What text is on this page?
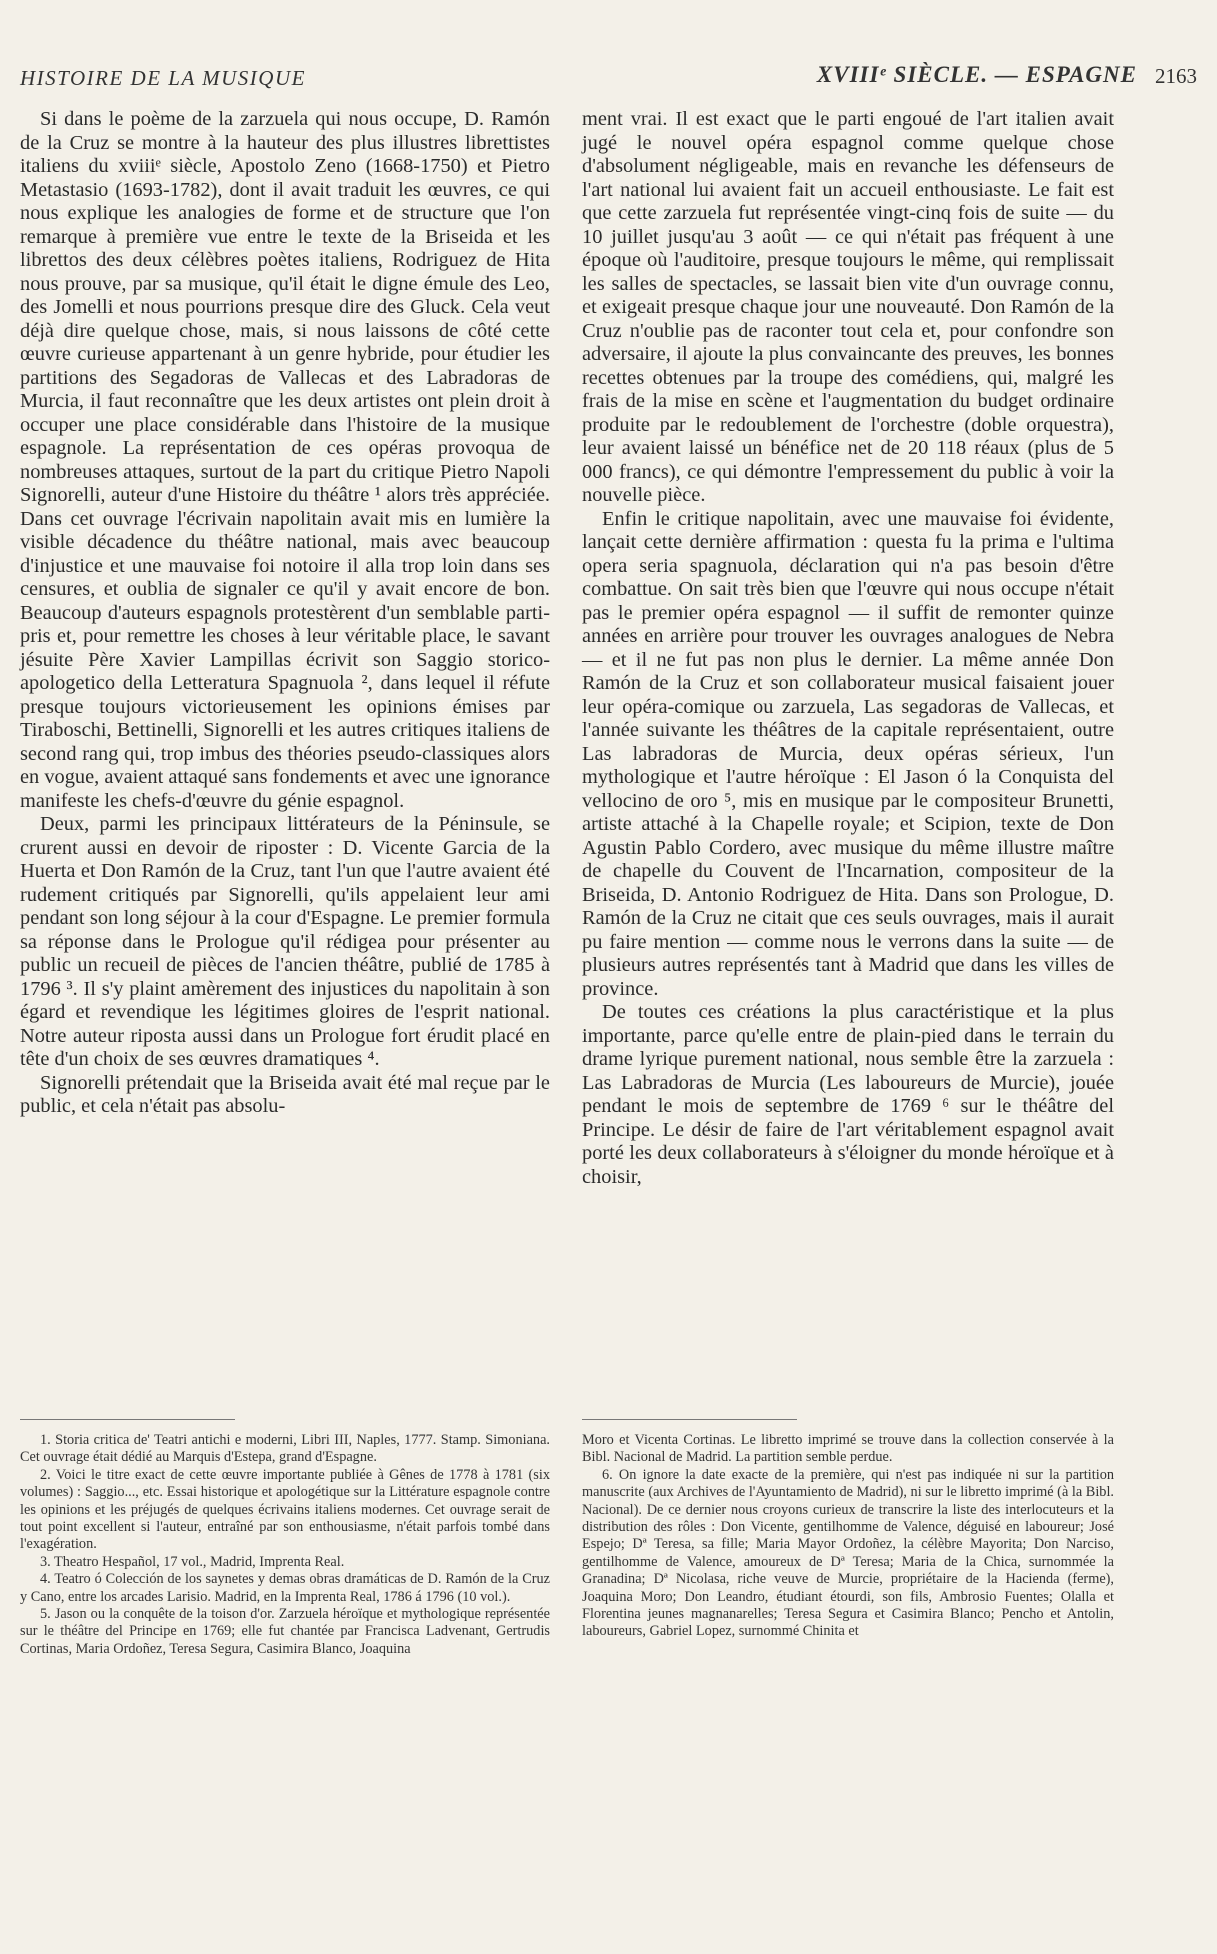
HISTOIRE DE LA MUSIQUE	XVIIIᵉ SIÈCLE. — ESPAGNE 2163

Si dans le poème de la zarzuela qui nous occupe, D. Ramón de la Cruz se montre à la hauteur des plus illustres librettistes italiens du xviiiᵉ siècle, Apostolo Zeno (1668-1750) et Pietro Metastasio (1693-1782), dont il avait traduit les œuvres, ce qui nous explique les analogies de forme et de structure que l'on remarque à première vue entre le texte de la Briseida et les librettos des deux célèbres poètes italiens, Rodriguez de Hita nous prouve, par sa musique, qu'il était le digne émule des Leo, des Jomelli et nous pourrions presque dire des Gluck. Cela veut déjà dire quelque chose, mais, si nous laissons de côté cette œuvre curieuse appartenant à un genre hybride, pour étudier les partitions des Segadoras de Vallecas et des Labradoras de Murcia, il faut reconnaître que les deux artistes ont plein droit à occuper une place considérable dans l'histoire de la musique espagnole. La représentation de ces opéras provoqua de nombreuses attaques, surtout de la part du critique Pietro Napoli Signorelli, auteur d'une Histoire du théâtre ¹ alors très appréciée. Dans cet ouvrage l'écrivain napolitain avait mis en lumière la visible décadence du théâtre national, mais avec beaucoup d'injustice et une mauvaise foi notoire il alla trop loin dans ses censures, et oublia de signaler ce qu'il y avait encore de bon. Beaucoup d'auteurs espagnols protestèrent d'un semblable parti-pris et, pour remettre les choses à leur véritable place, le savant jésuite Père Xavier Lampillas écrivit son Saggio storico-apologetico della Letteratura Spagnuola ², dans lequel il réfute presque toujours victorieusement les opinions émises par Tiraboschi, Bettinelli, Signorelli et les autres critiques italiens de second rang qui, trop imbus des théories pseudo-classiques alors en vogue, avaient attaqué sans fondements et avec une ignorance manifeste les chefs-d'œuvre du génie espagnol.

Deux, parmi les principaux littérateurs de la Péninsule, se crurent aussi en devoir de riposter : D. Vicente Garcia de la Huerta et Don Ramón de la Cruz, tant l'un que l'autre avaient été rudement critiqués par Signorelli, qu'ils appelaient leur ami pendant son long séjour à la cour d'Espagne. Le premier formula sa réponse dans le Prologue qu'il rédigea pour présenter au public un recueil de pièces de l'ancien théâtre, publié de 1785 à 1796 ³. Il s'y plaint amèrement des injustices du napolitain à son égard et revendique les légitimes gloires de l'esprit national. Notre auteur riposta aussi dans un Prologue fort érudit placé en tête d'un choix de ses œuvres dramatiques ⁴.

Signorelli prétendait que la Briseida avait été mal reçue par le public, et cela n'était pas absolu-

ment vrai. Il est exact que le parti engoué de l'art italien avait jugé le nouvel opéra espagnol comme quelque chose d'absolument négligeable, mais en revanche les défenseurs de l'art national lui avaient fait un accueil enthousiaste. Le fait est que cette zarzuela fut représentée vingt-cinq fois de suite — du 10 juillet jusqu'au 3 août — ce qui n'était pas fréquent à une époque où l'auditoire, presque toujours le même, qui remplissait les salles de spectacles, se lassait bien vite d'un ouvrage connu, et exigeait presque chaque jour une nouveauté. Don Ramón de la Cruz n'oublie pas de raconter tout cela et, pour confondre son adversaire, il ajoute la plus convaincante des preuves, les bonnes recettes obtenues par la troupe des comédiens, qui, malgré les frais de la mise en scène et l'augmentation du budget ordinaire produite par le redoublement de l'orchestre (doble orquestra), leur avaient laissé un bénéfice net de 20 118 réaux (plus de 5 000 francs), ce qui démontre l'empressement du public à voir la nouvelle pièce.

Enfin le critique napolitain, avec une mauvaise foi évidente, lançait cette dernière affirmation : questa fu la prima e l'ultima opera seria spagnuola, déclaration qui n'a pas besoin d'être combattue. On sait très bien que l'œuvre qui nous occupe n'était pas le premier opéra espagnol — il suffit de remonter quinze années en arrière pour trouver les ouvrages analogues de Nebra — et il ne fut pas non plus le dernier. La même année Don Ramón de la Cruz et son collaborateur musical faisaient jouer leur opéra-comique ou zarzuela, Las segadoras de Vallecas, et l'année suivante les théâtres de la capitale représentaient, outre Las labradoras de Murcia, deux opéras sérieux, l'un mythologique et l'autre héroïque : El Jason ó la Conquista del vellocino de oro ⁵, mis en musique par le compositeur Brunetti, artiste attaché à la Chapelle royale; et Scipion, texte de Don Agustin Pablo Cordero, avec musique du même illustre maître de chapelle du Couvent de l'Incarnation, compositeur de la Briseida, D. Antonio Rodriguez de Hita. Dans son Prologue, D. Ramón de la Cruz ne citait que ces seuls ouvrages, mais il aurait pu faire mention — comme nous le verrons dans la suite — de plusieurs autres représentés tant à Madrid que dans les villes de province.

De toutes ces créations la plus caractéristique et la plus importante, parce qu'elle entre de plain-pied dans le terrain du drame lyrique purement national, nous semble être la zarzuela : Las Labradoras de Murcia (Les laboureurs de Murcie), jouée pendant le mois de septembre de 1769 ⁶ sur le théâtre del Principe. Le désir de faire de l'art véritablement espagnol avait porté les deux collaborateurs à s'éloigner du monde héroïque et à choisir,

1. Storia critica de' Teatri antichi e moderni, Libri III, Naples, 1777. Stamp. Simoniana. Cet ouvrage était dédié au Marquis d'Estepa, grand d'Espagne.

2. Voici le titre exact de cette œuvre importante publiée à Gênes de 1778 à 1781 (six volumes) : Saggio..., etc. Essai historique et apologétique sur la Littérature espagnole contre les opinions et les préjugés de quelques écrivains italiens modernes. Cet ouvrage serait de tout point excellent si l'auteur, entraîné par son enthousiasme, n'était parfois tombé dans l'exagération.

3. Theatro Hespañol, 17 vol., Madrid, Imprenta Real.

4. Teatro ó Colección de los saynetes y demas obras dramáticas de D. Ramón de la Cruz y Cano, entre los arcades Larisio. Madrid, en la Imprenta Real, 1786 á 1796 (10 vol.).

5. Jason ou la conquête de la toison d'or. Zarzuela héroïque et mythologique représentée sur le théâtre del Principe en 1769; elle fut chantée par Francisca Ladvenant, Gertrudis Cortinas, Maria Ordoñez, Teresa Segura, Casimira Blanco, Joaquina

Moro et Vicenta Cortinas. Le libretto imprimé se trouve dans la collection conservée à la Bibl. Nacional de Madrid. La partition semble perdue.

6. On ignore la date exacte de la première, qui n'est pas indiquée ni sur la partition manuscrite (aux Archives de l'Ayuntamiento de Madrid), ni sur le libretto imprimé (à la Bibl. Nacional). De ce dernier nous croyons curieux de transcrire la liste des interlocuteurs et la distribution des rôles : Don Vicente, gentilhomme de Valence, déguisé en laboureur; José Espejo; Dª Teresa, sa fille; Maria Mayor Ordoñez, la célèbre Mayorita; Don Narciso, gentilhomme de Valence, amoureux de Dª Teresa; Maria de la Chica, surnommée la Granadina; Dª Nicolasa, riche veuve de Murcie, propriétaire de la Hacienda (ferme), Joaquina Moro; Don Leandro, étudiant étourdi, son fils, Ambrosio Fuentes; Olalla et Florentina jeunes magnanarelles; Teresa Segura et Casimira Blanco; Pencho et Antolin, laboureurs, Gabriel Lopez, surnommé Chinita et
